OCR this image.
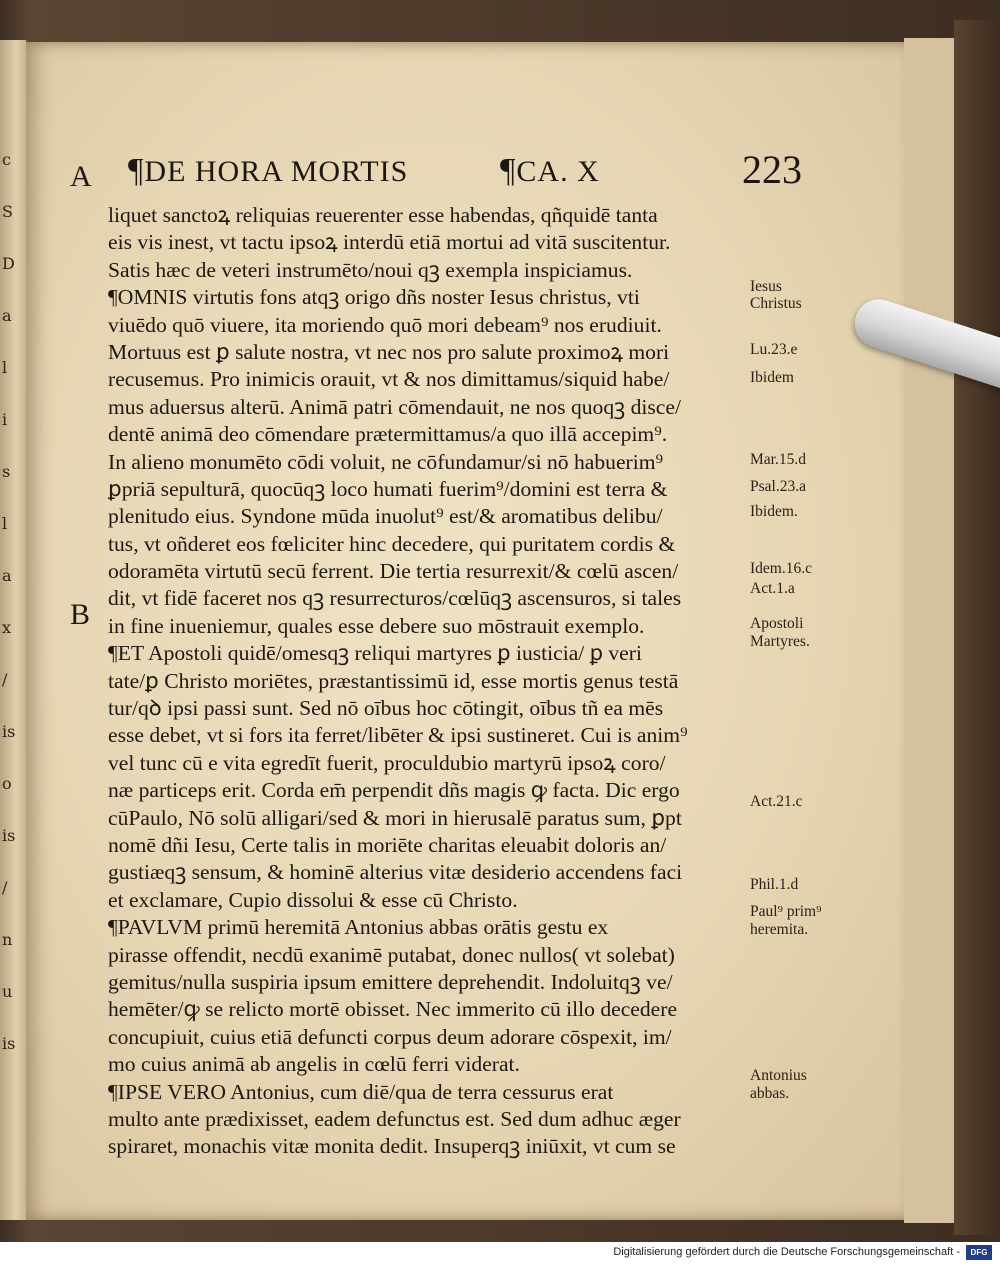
c
S
D
a
l
i
s
l
a
x
/
is
o
is
/
n
u
is
¶DE HORA MORTIS	¶CA. X	223
A
B
liquet sanctoꝝ reliquias reuerenter esse habendas, qñquidē tanta
eis vis inest, vt tactu ipsoꝝ interdū etiā mortui ad vitā suscitentur.
Satis hæc de veteri instrumēto/noui qꝫ exempla inspiciamus.
¶OMNIS virtutis fons atqꝫ origo dñs noster Iesus christus, vti
viuēdo quō viuere, ita moriendo quō mori debeam⁹ nos erudiuit.
Mortuus est ꝑ salute nostra, vt nec nos pro salute proximoꝝ mori
recusemus. Pro inimicis orauit, vt & nos dimittamus/siquid habe/
mus aduersus alterū. Animā patri cōmendauit, ne nos quoqꝫ disce/
dentē animā deo cōmendare prætermittamus/a quo illā accepim⁹.
In alieno monumēto cōdi voluit, ne cōfundamur/si nō habuerim⁹
ꝑpriā sepulturā, quocūqꝫ loco humati fuerim⁹/domini est terra &
plenitudo eius. Syndone mūda inuolut⁹ est/& aromatibus delibu/
tus, vt oñderet eos fœliciter hinc decedere, qui puritatem cordis &
odoramēta virtutū secū ferrent. Die tertia resurrexit/& cœlū ascen/
dit, vt fidē faceret nos qꝫ resurrecturos/cœlūqꝫ ascensuros, si tales
in fine inueniemur, quales esse debere suo mōstrauit exemplo.
¶ET Apostoli quidē/omesqꝫ reliqui martyres ꝑ iusticia/ ꝑ veri
tate/ꝑ Christo moriētes, præstantissimū id, esse mortis genus testā
tur/qꝺ ipsi passi sunt. Sed nō oībus hoc cōtingit, oībus tñ ea mēs
esse debet, vt si fors ita ferret/libēter & ipsi sustineret. Cui is anim⁹
vel tunc cū e vita egredīt fuerit, proculdubio martyrū ipsoꝝ coro/
næ particeps erit. Corda em̄ perpendit dñs magis ꝙ facta. Dic ergo
cūPaulo, Nō solū alligari/sed & mori in hierusalē paratus sum, ꝑpt
nomē dñi Iesu, Certe talis in moriēte charitas eleuabit doloris an/
gustiæqꝫ sensum, & hominē alterius vitæ desiderio accendens faci
et exclamare, Cupio dissolui & esse cū Christo.
¶PAVLVM primū heremitā Antonius abbas orātis gestu ex
pirasse offendit, necdū exanimē putabat, donec nullos( vt solebat)
gemitus/nulla suspiria ipsum emittere deprehendit. Indoluitqꝫ ve/
hemēter/ꝙ se relicto mortē obisset. Nec immerito cū illo decedere
concupiuit, cuius etiā defuncti corpus deum adorare cōspexit, im/
mo cuius animā ab angelis in cœlū ferri viderat.
¶IPSE VERO Antonius, cum diē/qua de terra cessurus erat
multo ante prædixisset, eadem defunctus est. Sed dum adhuc æger
spiraret, monachis vitæ monita dedit. Insuperqꝫ iniūxit, vt cum se
Iesus
Christus
Lu.23.e
Ibidem
Mar.15.d
Psal.23.a
Ibidem.
Idem.16.c
Act.1.a
Apostoli
Martyres.
Act.21.c
Phil.1.d
Paul⁹ prim⁹
heremita.
Antonius
abbas.
Digitalisierung gefördert durch die Deutsche Forschungsgemeinschaft -	DFG
